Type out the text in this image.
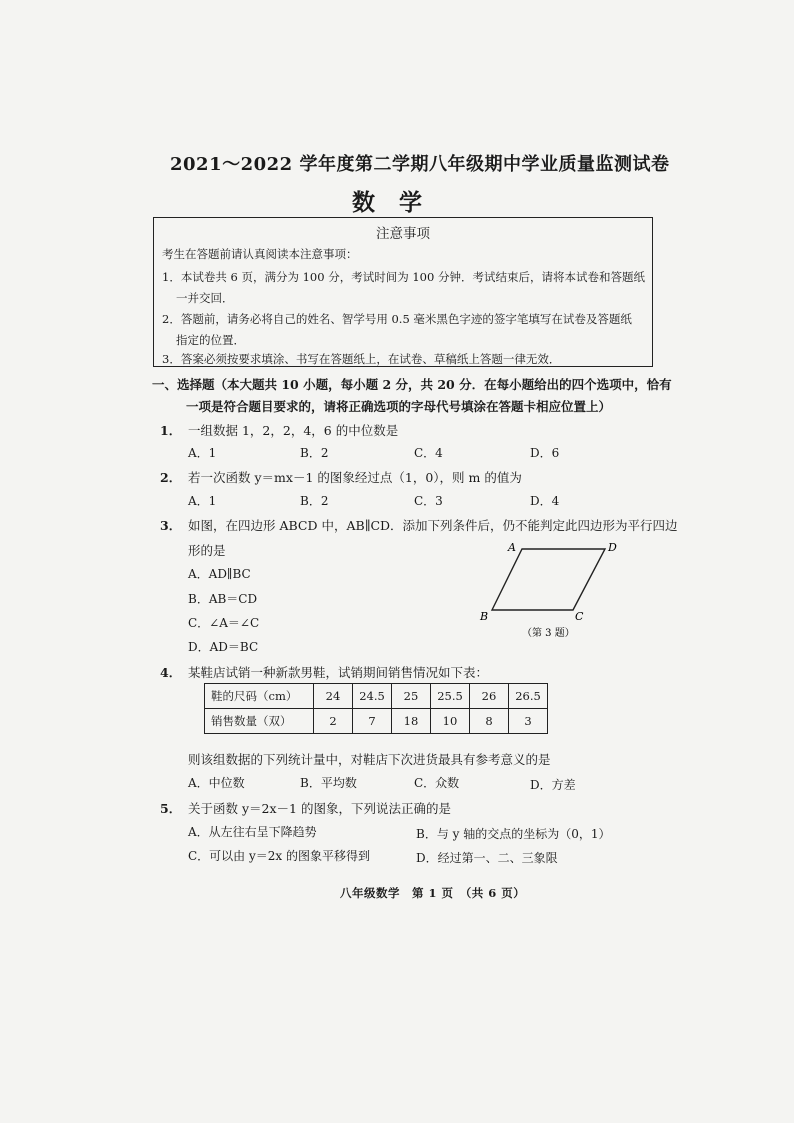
2021～2022 学年度第二学期八年级期中学业质量监测试卷
数学
注意事项
考生在答题前请认真阅读本注意事项：
1．本试卷共 6 页，满分为 100 分，考试时间为 100 分钟．考试结束后，请将本试卷和答题纸
一并交回．
2．答题前，请务必将自己的姓名、智学号用 0.5 毫米黑色字迹的签字笔填写在试卷及答题纸
指定的位置．
3．答案必须按要求填涂、书写在答题纸上，在试卷、草稿纸上答题一律无效．
一、选择题（本大题共 10 小题，每小题 2 分，共 20 分．在每小题给出的四个选项中，恰有
一项是符合题目要求的，请将正确选项的字母代号填涂在答题卡相应位置上）
1． 一组数据 1，2，2，4，6 的中位数是
A．1	B．2	C．4	D．6
2． 若一次函数 y＝mx－1 的图象经过点（1，0），则 m 的值为
A．1	B．2	C．3	D．4
3． 如图，在四边形 ABCD 中，AB∥CD．添加下列条件后，仍不能判定此四边形为平行四边
形的是
A．AD∥BC
B．AB＝CD
C．∠A＝∠C
D．AD＝BC
A	D
B	C
（第 3 题）
4． 某鞋店试销一种新款男鞋，试销期间销售情况如下表：
鞋的尺码（cm）	24	24.5	25	25.5	26	26.5
销售数量（双）	2	7	18	10	8	3
则该组数据的下列统计量中，对鞋店下次进货最具有参考意义的是
A．中位数	B．平均数	C．众数	D．方差
5． 关于函数 y＝2x－1 的图象，下列说法正确的是
A．从左往右呈下降趋势	B．与 y 轴的交点的坐标为（0，1）
C．可以由 y＝2x 的图象平移得到	D．经过第一、二、三象限
八年级数学　第 1 页　（共 6 页）
